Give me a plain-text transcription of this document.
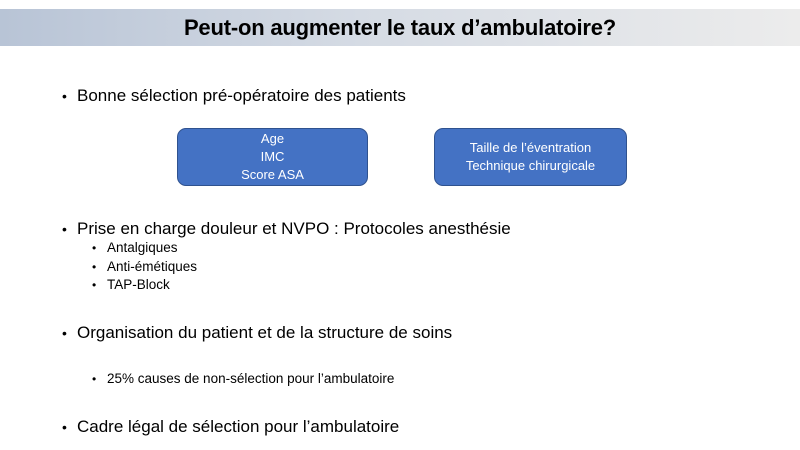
Peut-on augmenter le taux d’ambulatoire?
• Bonne sélection pré-opératoire des patients
Age
IMC
Score ASA
Taille de l’éventration
Technique chirurgicale
• Prise en charge douleur et NVPO : Protocoles anesthésie
• Antalgiques
• Anti-émétiques
• TAP-Block
• Organisation du patient et de la structure de soins
• 25% causes de non-sélection pour l’ambulatoire
• Cadre légal de sélection pour l’ambulatoire
